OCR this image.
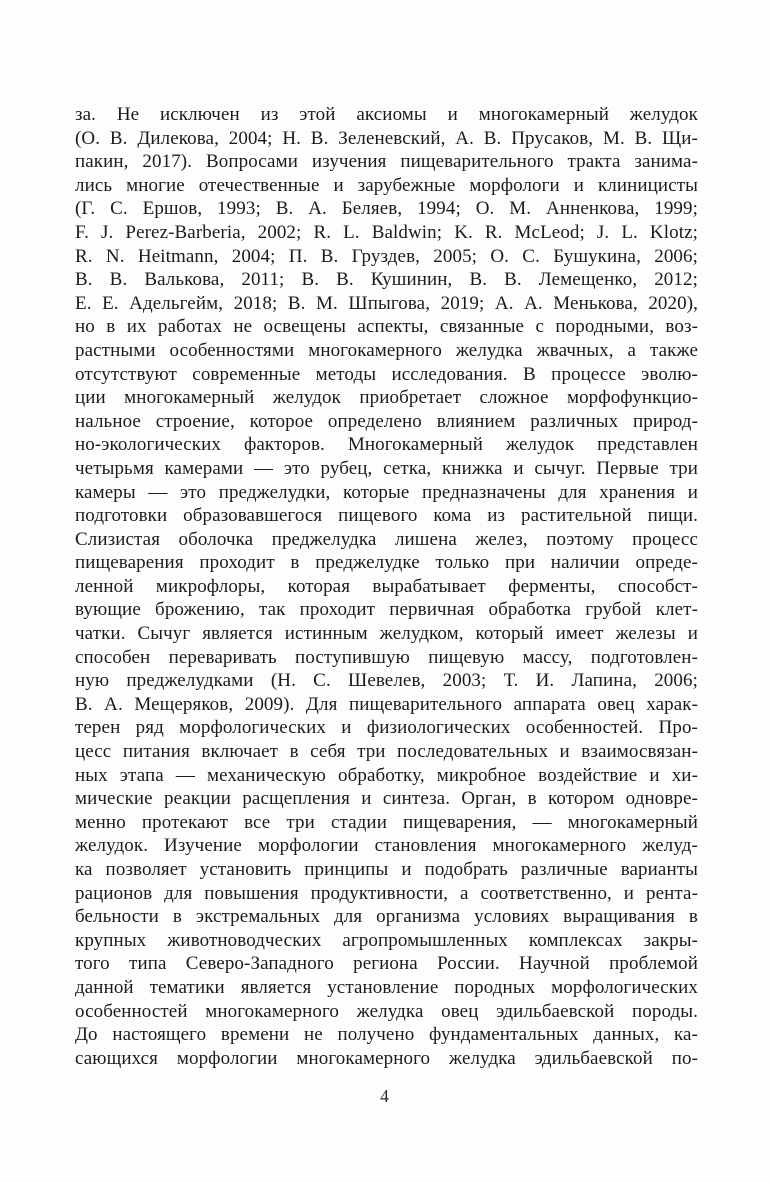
за. Не исключен из этой аксиомы и многокамерный желудок
(О. В. Дилекова, 2004; Н. В. Зеленевский, А. В. Прусаков, М. В. Щи-
пакин, 2017). Вопросами изучения пищеварительного тракта занима-
лись многие отечественные и зарубежные морфологи и клиницисты
(Г. С. Ершов, 1993; В. А. Беляев, 1994; О. М. Анненкова, 1999;
F. J. Perez-Barberia, 2002; R. L. Baldwin; K. R. McLeod; J. L. Klotz;
R. N. Heitmann, 2004; П. В. Груздев, 2005; О. С. Бушукина, 2006;
В. В. Валькова, 2011; В. В. Кушинин, В. В. Лемещенко, 2012;
Е. Е. Адельгейм, 2018; В. М. Шпыгова, 2019; А. А. Менькова, 2020),
но в их работах не освещены аспекты, связанные с породными, воз-
растными особенностями многокамерного желудка жвачных, а также
отсутствуют современные методы исследования. В процессе эволю-
ции многокамерный желудок приобретает сложное морфофункцио-
нальное строение, которое определено влиянием различных природ-
но-экологических факторов. Многокамерный желудок представлен
четырьмя камерами — это рубец, сетка, книжка и сычуг. Первые три
камеры — это преджелудки, которые предназначены для хранения и
подготовки образовавшегося пищевого кома из растительной пищи.
Слизистая оболочка преджелудка лишена желез, поэтому процесс
пищеварения проходит в преджелудке только при наличии опреде-
ленной микрофлоры, которая вырабатывает ферменты, способст-
вующие брожению, так проходит первичная обработка грубой клет-
чатки. Сычуг является истинным желудком, который имеет железы и
способен переваривать поступившую пищевую массу, подготовлен-
ную преджелудками (Н. С. Шевелев, 2003; Т. И. Лапина, 2006;
В. А. Мещеряков, 2009). Для пищеварительного аппарата овец харак-
терен ряд морфологических и физиологических особенностей. Про-
цесс питания включает в себя три последовательных и взаимосвязан-
ных этапа — механическую обработку, микробное воздействие и хи-
мические реакции расщепления и синтеза. Орган, в котором одновре-
менно протекают все три стадии пищеварения, — многокамерный
желудок. Изучение морфологии становления многокамерного желуд-
ка позволяет установить принципы и подобрать различные варианты
рационов для повышения продуктивности, а соответственно, и рента-
бельности в экстремальных для организма условиях выращивания в
крупных животноводческих агропромышленных комплексах закры-
того типа Северо-Западного региона России. Научной проблемой
данной тематики является установление породных морфологических
особенностей многокамерного желудка овец эдильбаевской породы.
До настоящего времени не получено фундаментальных данных, ка-
сающихся морфологии многокамерного желудка эдильбаевской по-
4
